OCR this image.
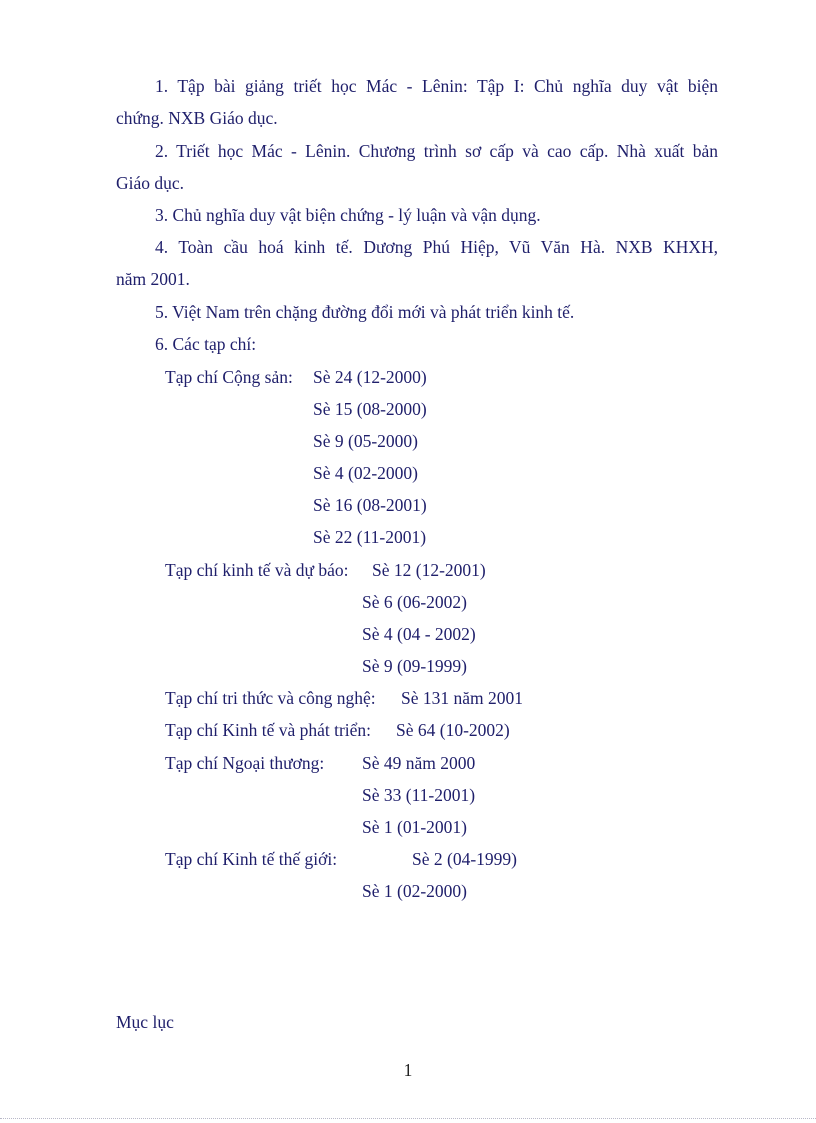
1. Tập bài giảng triết học Mác - Lênin: Tập I: Chủ nghĩa duy vật biện
chứng. NXB Giáo dục.
2. Triết học Mác - Lênin. Chương trình sơ cấp và cao cấp. Nhà xuất bản
Giáo dục.
3. Chủ nghĩa duy vật biện chứng - lý luận và vận dụng.
4. Toàn cầu hoá kinh tế. Dương Phú Hiệp, Vũ Văn Hà. NXB KHXH,
năm 2001.
5. Việt Nam trên chặng đường đổi mới và phát triển kinh tế.
6. Các tạp chí:
Tạp chí Cộng sản: Sè 24 (12-2000)
Sè 15 (08-2000)
Sè 9 (05-2000)
Sè 4 (02-2000)
Sè 16 (08-2001)
Sè 22 (11-2001)
Tạp chí kinh tế và dự báo: Sè 12 (12-2001)
Sè 6 (06-2002)
Sè 4 (04 - 2002)
Sè 9 (09-1999)
Tạp chí tri thức và công nghệ: Sè 131 năm 2001
Tạp chí Kinh tế và phát triển: Sè 64 (10-2002)
Tạp chí Ngoại thương: Sè 49 năm 2000
Sè 33 (11-2001)
Sè 1 (01-2001)
Tạp chí Kinh tế thế giới:	Sè 2 (04-1999)
Sè 1 (02-2000)
Mục lục
1
